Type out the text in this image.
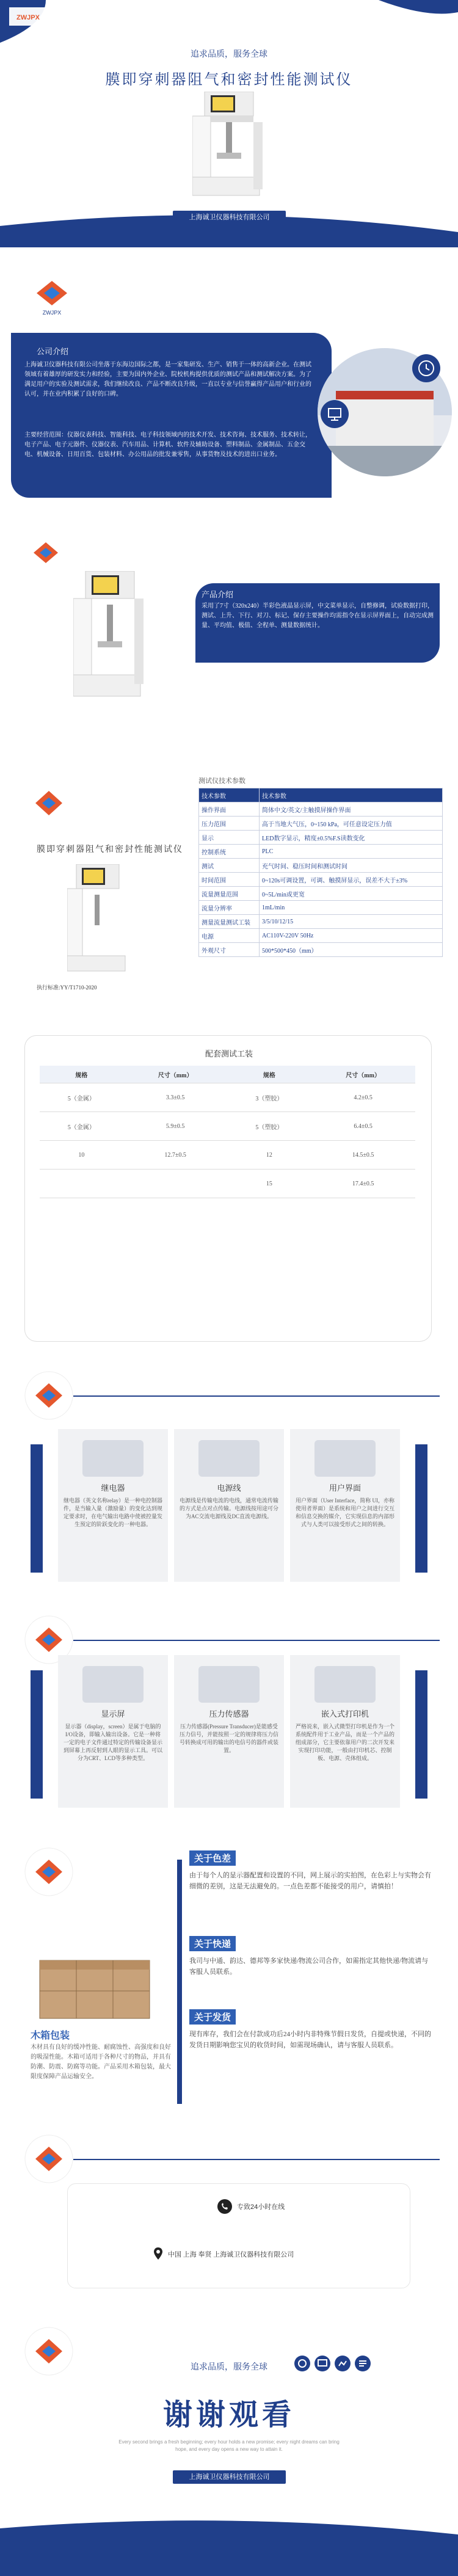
ZWJPX
追求品质，服务全球
膜即穿刺器阻气和密封性能测试仪
上海诚卫仪器科技有限公司
ZWJPX
公司介绍
上海诚卫仪器科技有限公司坐落于东海边国际之都，是一家集研发、生产、销售于一体的高新企业。在测试领域有着雄厚的研发实力和经验，主要为国内外企业、院校机构提供优质的测试产品和测试解决方案。为了满足用户的实验及测试需求，我们继续改良、产品不断改良升级，一直以专业与信誉赢得产品用户和行业的认可，并在业内积累了良好的口碑。
主要经营范围：仪器仪表科技、智能科技、电子科技领域内的技术开发、技术咨询、技术服务、技术转让，电子产品、电子元器件、仪器仪表、汽车用品、计算机、软件及辅助设备、塑料制品、金属制品、五金交电、机械设备、日用百货、包装材料、办公用品的批发兼零售，从事货物及技术的进出口业务。
产品介绍
采用了7寸（320x240）半彩色液晶显示屏，中文菜单显示，自整修调，试验数据打印，测试、上升、下行、对刀、标记、保存主要操作均需指令在显示屏界面上，自动完成测量、平均值、极值、全程单、测量数据统计。
测试仪技术参数
膜即穿刺器阻气和密封性能测试仪
执行标准:YY/T1710-2020
技术参数	技术参数
操作界面	简体中文/英文/主触摸屏操作界面
压力范围	高于当地大气压，0~150 kPa，可任意设定压力值
显示	LED数字显示，精度±0.5%F.S读数变化
控制系统	PLC
测试	充气时间、稳压时间和测试时间
时间范围	0~120s可调设置，可调、触摸屏显示，误差不大于±3%
流量测量范围	0~5L/min或更宽
流量分辨率	1mL/min
测量流量测试工装	3/5/10/12/15
电源	AC110V-220V 50Hz
外观尺寸	500*500*450（mm）
配套测试工装
规格	尺寸（mm）	规格	尺寸（mm）
5（金属）	3.3±0.5	3（塑胶）	4.2±0.5
5（金属）	5.9±0.5	5（塑胶）	6.4±0.5
10	12.7±0.5	12	14.5±0.5
		15	17.4±0.5
继电器
继电器（英文名称relay）是一种电控制器件，是当输入量（激励量）的变化达到规定要求时，在电气输出电路中使被控量发生预定的阶跃变化的一种电器。
电源线
电源线是传输电流的电线，通常电流传输的方式是点对点传输。电源线按用途可分为AC交流电源线及DC直流电源线。
用户界面
用户界面（User Interface，简称 UI，亦称使用者界面）是系统和用户之间进行交互和信息交换的媒介，它实现信息的内部形式与人类可以接受形式之间的转换。
显示屏
显示器（display，screen）是属于电脑的I/O设备，即输入输出设备。它是一种将一定的电子文件通过特定的传输设备显示到屏幕上再反射到人眼的显示工具。可以分为CRT、LCD等多种类型。
压力传感器
压力传感器(Pressure Transducer)是能感受压力信号，并能按照一定的规律将压力信号转换成可用的输出的电信号的器件或装置。
嵌入式打印机
严格说来，嵌入式微型打印机是作为一个系统配件用于工业产品，而是一个产品的组成部分，它主要依靠用户的二次开发来实现打印功能，一般由打印机芯、控制板、电源、壳体组成。
木箱包装
木材具有良好的缓冲性能、耐腐蚀性、高强度和良好的吸湿性能。木箱可适用于各种尺寸的物品，并具有防潮、防震、防腐等功能。产品采用木箱包装，最大限度保障产品运输安全。
关于色差
由于每个人的显示器配置和设置的不同，网上展示的实拍图，在色彩上与实物会有细微的差别，这是无法避免的。一点色差都不能接受的用户，请慎拍！
关于快递
我司与中通、韵达、德邦等多家快递/物流公司合作，如需指定其他快递/物流请与客服人员联系。
关于发货
现有库存，我们会在付款成功后24小时内非特殊节假日发货，自提或快递，不同的发货日期影响您宝贝的收货时间，如需现场确认，请与客服人员联系。
专致24小时在线
中国 上海 奉贤 上海诚卫仪器科技有限公司
追求品质，服务全球
谢谢观看
Every second brings a fresh beginning; every hour holds a new promise; every night dreams can bring hope, and every day opens a new way to attain it.
上海诚卫仪器科技有限公司
